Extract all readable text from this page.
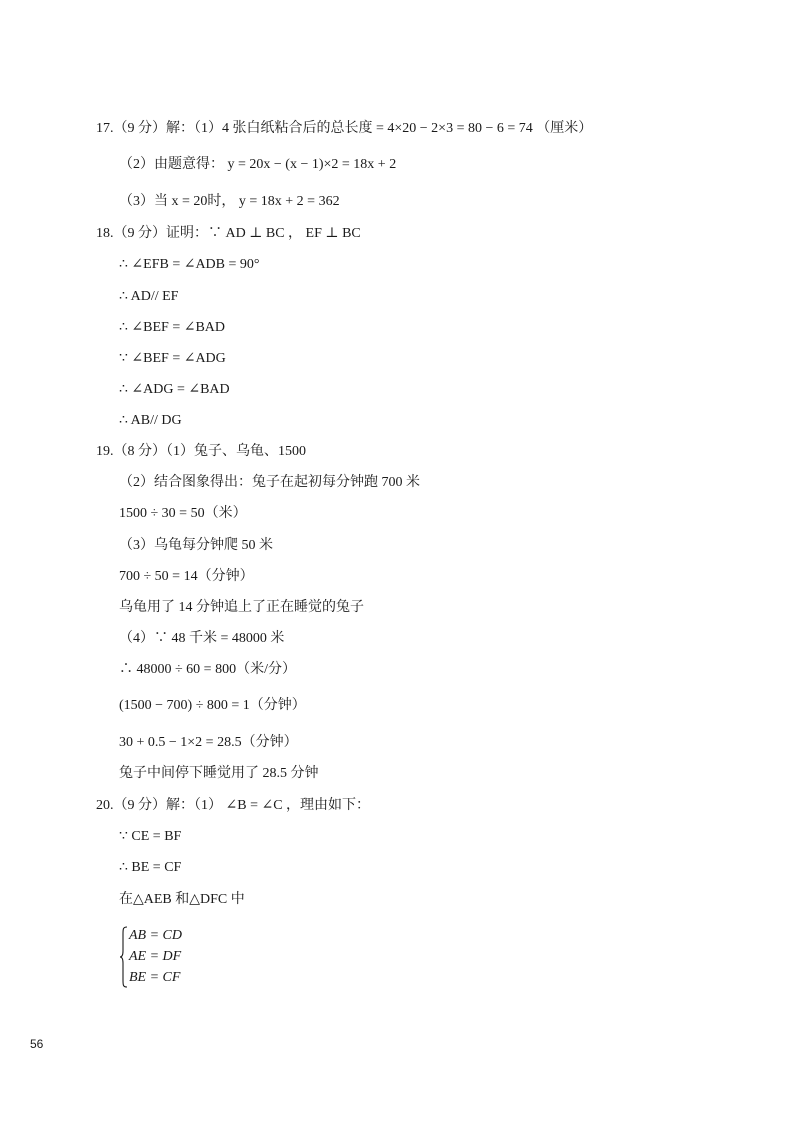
17.（9 分）解：（1）4 张白纸粘合后的总长度 = 4×20 − 2×3 = 80 − 6 = 74 （厘米）
（2）由题意得： y = 20x − (x − 1)×2 = 18x + 2
（3）当 x = 20时， y = 18x + 2 = 362
18.（9 分）证明：∵ AD ⊥ BC ， EF ⊥ BC
∴ ∠EFB = ∠ADB = 90°
∴ AD// EF
∴ ∠BEF = ∠BAD
∵ ∠BEF = ∠ADG
∴ ∠ADG = ∠BAD
∴ AB// DG
19.（8 分）（1）兔子、乌龟、1500
（2）结合图象得出：兔子在起初每分钟跑 700 米
1500 ÷ 30 = 50（米）
（3）乌龟每分钟爬 50 米
700 ÷ 50 = 14（分钟）
乌龟用了 14 分钟追上了正在睡觉的兔子
（4）∵ 48 千米 = 48000 米
∴ 48000 ÷ 60 = 800（米/分）
(1500 − 700) ÷ 800 = 1（分钟）
30 + 0.5 − 1×2 = 28.5（分钟）
兔子中间停下睡觉用了 28.5 分钟
20.（9 分）解：（1） ∠B = ∠C ，理由如下：
∵ CE = BF
∴ BE = CF
在△AEB 和△DFC 中
AB = CD
AE = DF
BE = CF
56
